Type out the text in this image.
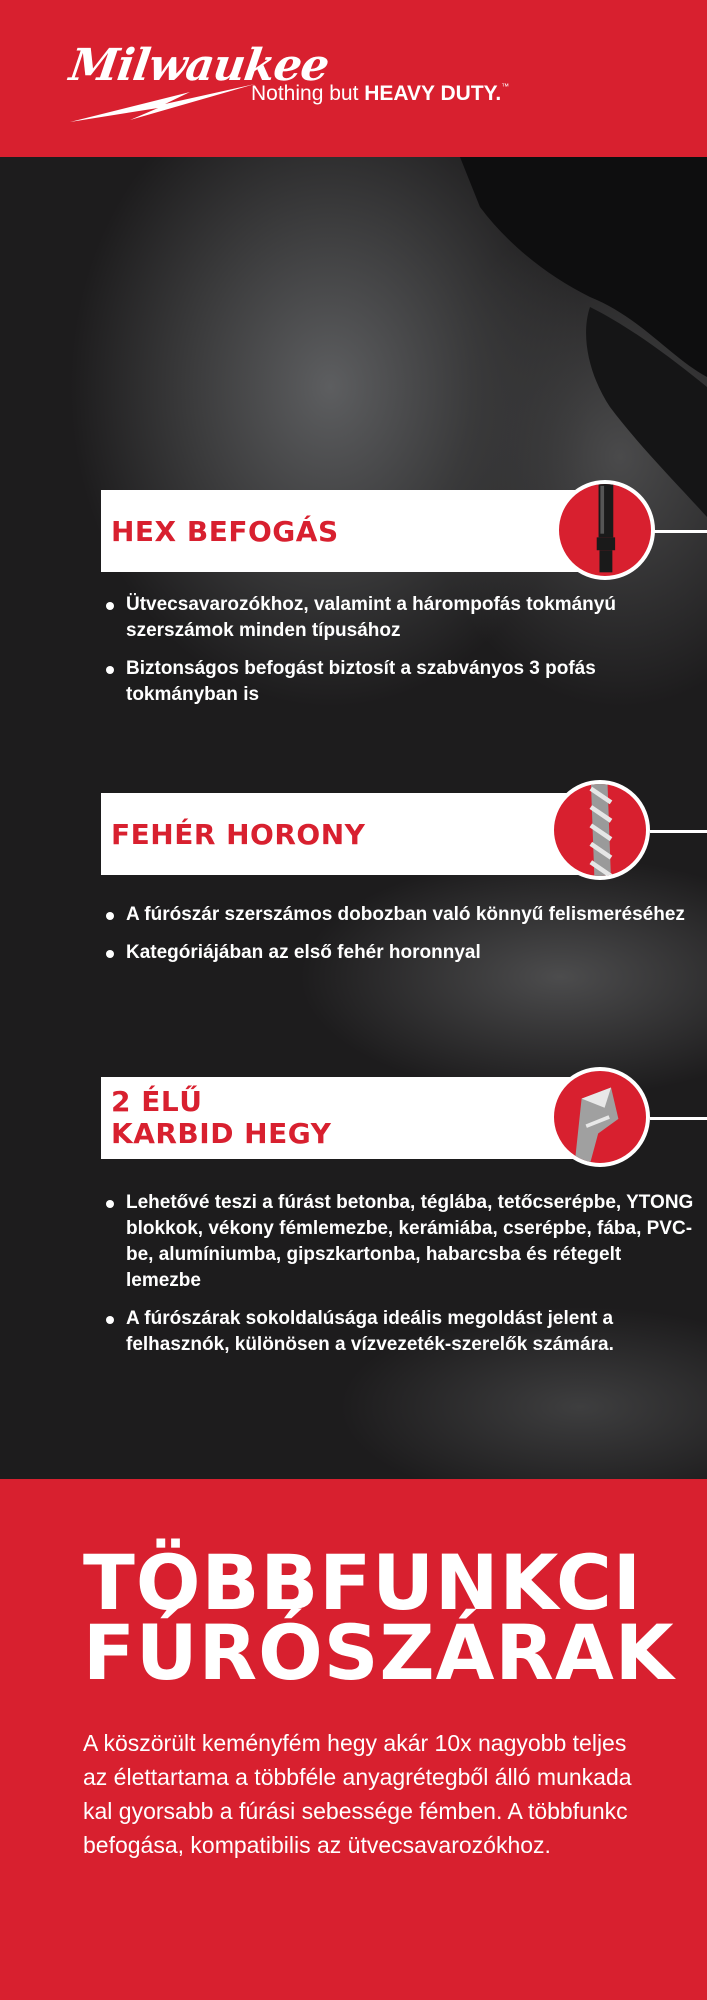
Milwaukee
Nothing but HEAVY DUTY.™
HEX BEFOGÁS
Ütvecsavarozókhoz, valamint a hárompofás tokmányú szerszámok minden típusához
Biztonságos befogást biztosít a szabványos 3 pofás tokmányban is
FEHÉR HORONY
A fúrószár szerszámos dobozban való könnyű felismeréséhez
Kategóriájában az első fehér horonnyal
2 ÉLŰ
KARBID HEGY
Lehetővé teszi a fúrást betonba, téglába, tetőcserépbe, YTONG blokkok, vékony fémlemezbe, kerámiába, cserépbe, fába, PVC-be, alumíniumba, gipszkartonba, habarcsba és rétegelt lemezbe
A fúrószárak sokoldalúsága ideális megoldást jelent a felhasznók, különösen a vízvezeték-szerelők számára.
TÖBBFUNKCI
FÚRÓSZÁRAK
A köszörült keményfém hegy akár 10x nagyobb teljes
az élettartama a többféle anyagrétegből álló munkada
kal gyorsabb a fúrási sebessége fémben. A többfunkc
befogása, kompatibilis az ütvecsavarozókhoz.
